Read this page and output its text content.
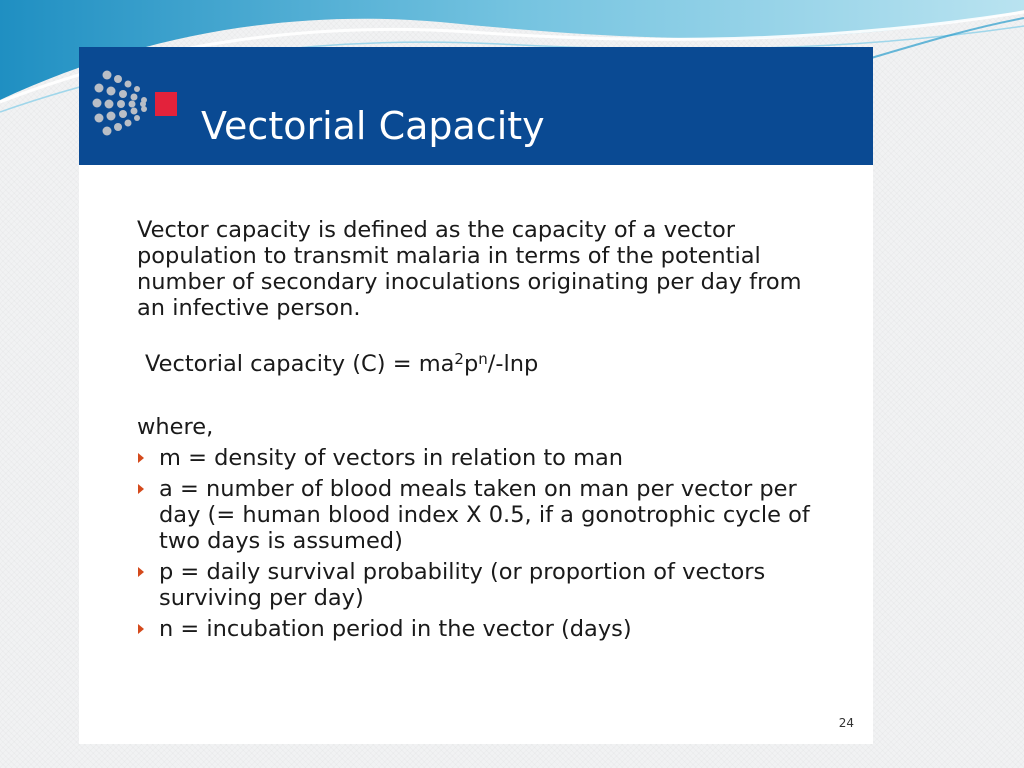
Vectorial Capacity

Vector capacity is defined as the capacity of a vector population to transmit malaria in terms of the potential number of secondary inoculations originating per day from an infective person.

Vectorial capacity $(C) = ma^2p^n/$-lnp

where,

m = density of vectors in relation to man
a = number of blood meals taken on man per vector per day (= human blood index X 0.5, if a gonotrophic cycle of two days is assumed)
p = daily survival probability (or proportion of vectors surviving per day)
n = incubation period in the vector (days)
24
